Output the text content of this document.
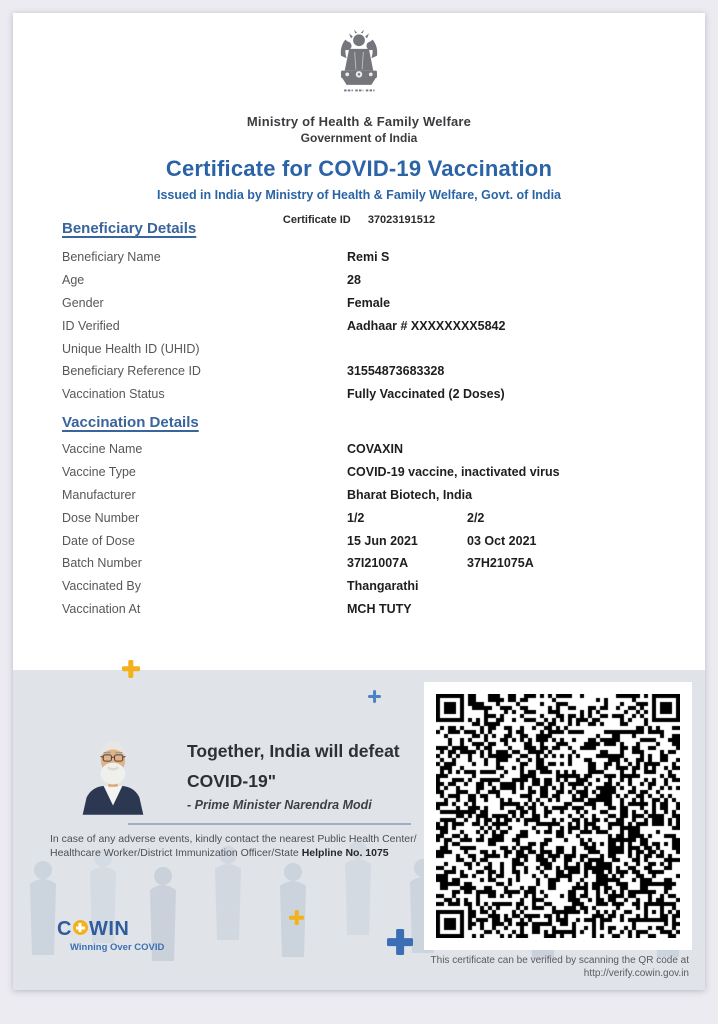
Ministry of Health & Family Welfare
Government of India
Certificate for COVID-19 Vaccination
Issued in India by Ministry of Health & Family Welfare, Govt. of India
Certificate ID 37023191512
Beneficiary Details
Beneficiary Name	Remi S
Age	28
Gender	Female
ID Verified	Aadhaar # XXXXXXXX5842
Unique Health ID (UHID)
Beneficiary Reference ID	31554873683328
Vaccination Status	Fully Vaccinated (2 Doses)
Vaccination Details
Vaccine Name	COVAXIN
Vaccine Type	COVID-19 vaccine, inactivated virus
Manufacturer	Bharat Biotech, India
Dose Number	1/2	2/2
Date of Dose	15 Jun 2021	03 Oct 2021
Batch Number	37I21007A	37H21075A
Vaccinated By	Thangarathi
Vaccination At	MCH TUTY
Together, India will defeat
COVID-19"
- Prime Minister Narendra Modi
In case of any adverse events, kindly contact the nearest Public Health Center/
Healthcare Worker/District Immunization Officer/State Helpline No. 1075
C WIN
Winning Over COVID
This certificate can be verified by scanning the QR code at
http://verify.cowin.gov.in
